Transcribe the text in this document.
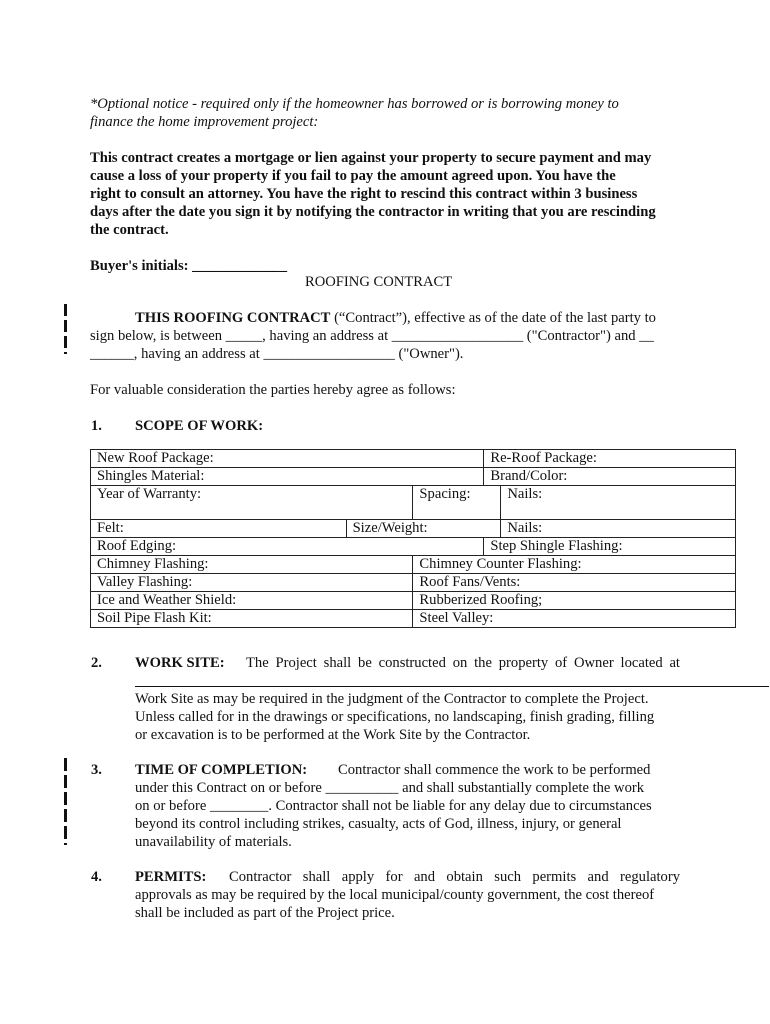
*Optional notice - required only if the homeowner has borrowed or is borrowing money to
finance the home improvement project:
This contract creates a mortgage or lien against your property to secure payment and may
cause a loss of your property if you fail to pay the amount agreed upon. You have the
right to consult an attorney. You have the right to rescind this contract within 3 business
days after the date you sign it by notifying the contractor in writing that you are rescinding
the contract.
Buyer's initials: _____________
ROOFING CONTRACT
THIS ROOFING CONTRACT (“Contract”), effective as of the date of the last party to
sign below, is between _____, having an address at __________________ ("Contractor") and __
______, having an address at __________________ ("Owner").
For valuable consideration the parties hereby agree as follows:
1. SCOPE OF WORK:
New Roof Package:			Re-Roof Package:	
Shingles Material:			Brand/Color:	
Year of Warranty:		Spacing:		Nails:
Felt:	Size/Weight:			Nails:
Roof Edging:			Step Shingle Flashing:	
Chimney Flashing:		Chimney Counter Flashing:		
Valley Flashing:		Roof Fans/Vents:		
Ice and Weather Shield:		Rubberized Roofing;		
Soil Pipe Flash Kit:		Steel Valley:		
2. WORK SITE: The Project shall be constructed on the property of Owner located at
Work Site as may be required in the judgment of the Contractor to complete the Project.
Unless called for in the drawings or specifications, no landscaping, finish grading, filling
or excavation is to be performed at the Work Site by the Contractor.
3. TIME OF COMPLETION: Contractor shall commence the work to be performed
under this Contract on or before __________ and shall substantially complete the work
on or before ________. Contractor shall not be liable for any delay due to circumstances
beyond its control including strikes, casualty, acts of God, illness, injury, or general
unavailability of materials.
4. PERMITS: Contractor shall apply for and obtain such permits and regulatory
approvals as may be required by the local municipal/county government, the cost thereof
shall be included as part of the Project price.
